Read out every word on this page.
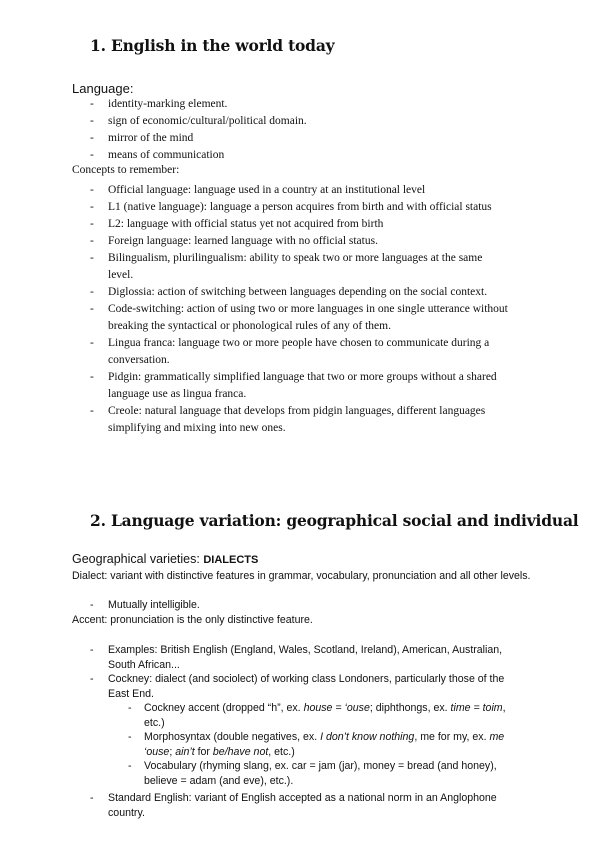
1. English in the world today
Language:
- identity-marking element.
- sign of economic/cultural/political domain.
- mirror of the mind
- means of communication
Concepts to remember:
- Official language: language used in a country at an institutional level
- L1 (native language): language a person acquires from birth and with official status
- L2: language with official status yet not acquired from birth
- Foreign language: learned language with no official status.
- Bilingualism, plurilingualism: ability to speak two or more languages at the same level.
- Diglossia: action of switching between languages depending on the social context.
- Code-switching: action of using two or more languages in one single utterance without breaking the syntactical or phonological rules of any of them.
- Lingua franca: language two or more people have chosen to communicate during a conversation.
- Pidgin: grammatically simplified language that two or more groups without a shared language use as lingua franca.
- Creole: natural language that develops from pidgin languages, different languages simplifying and mixing into new ones.
2. Language variation: geographical social and individual
Geographical varieties: DIALECTS

Dialect: variant with distinctive features in grammar, vocabulary, pronunciation and all other levels.

- Mutually intelligible.

Accent: pronunciation is the only distinctive feature.

- Examples: British English (England, Wales, Scotland, Ireland), American, Australian, South African...
- Cockney: dialect (and sociolect) of working class Londoners, particularly those of the East End.
- Cockney accent (dropped “h”, ex. house = ‘ouse; diphthongs, ex. time = toim, etc.)
- Morphosyntax (double negatives, ex. I don’t know nothing, me for my, ex. me ‘ouse; ain’t for be/have not, etc.)
- Vocabulary (rhyming slang, ex. car = jam (jar), money = bread (and honey), believe = adam (and eve), etc.).
- Standard English: variant of English accepted as a national norm in an Anglophone country.
